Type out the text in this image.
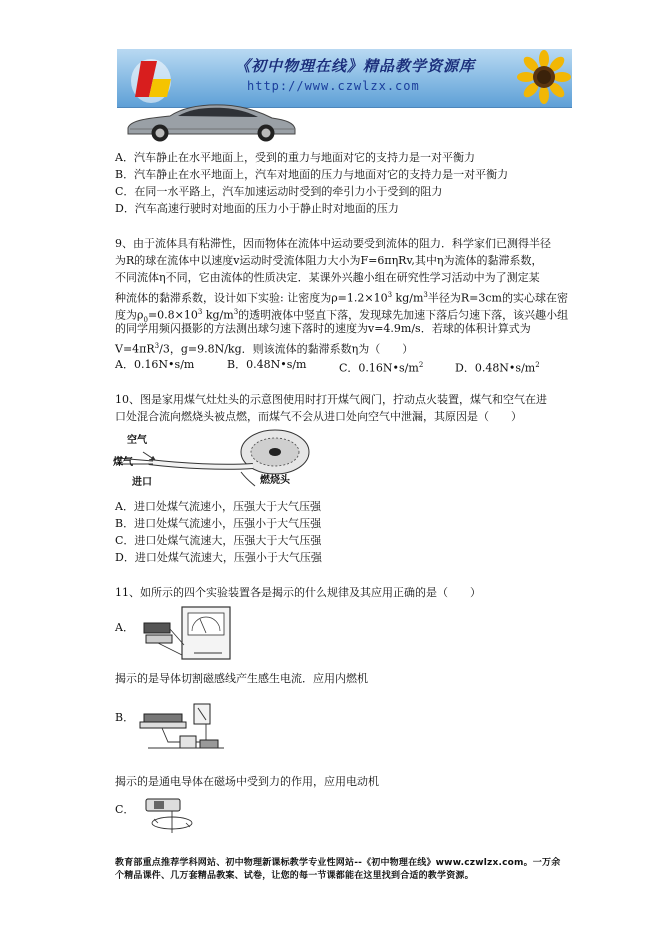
《初中物理在线》精品教学资源库
http://www.czwlzx.com
A．汽车静止在水平地面上，受到的重力与地面对它的支持力是一对平衡力
B．汽车静止在水平地面上，汽车对地面的压力与地面对它的支持力是一对平衡力
C．在同一水平路上，汽车加速运动时受到的牵引力小于受到的阻力
D．汽车高速行驶时对地面的压力小于静止时对地面的压力
9、由于流体具有粘滞性，因而物体在流体中运动要受到流体的阻力．科学家们已测得半径
为R的球在流体中以速度v运动时受流体阻力大小为F=6πηRv,其中η为流体的黏滞系数，
不同流体η不同，它由流体的性质决定．某课外兴趣小组在研究性学习活动中为了测定某
种流体的黏滞系数，设计如下实验: 让密度为$\rho=1.2\times 10^3$ $kg/m^3$半径为R=3cm的实心球在密
度为$\rho_0=0.8\times 10^3$ $kg/m^3$的透明液体中竖直下落，发现球先加速下落后匀速下落，该兴趣小组
的同学用频闪摄影的方法测出球匀速下落时的速度为v=4.9m/s．若球的体积计算式为
$V=4\pi R^3/3$，g=9.8N/kg．则该流体的黏滞系数η为（　　）
A．0.16N•s/m	B．0.48N•s/m	C．$0.16N•s/m^2$	D．$0.48N•s/m^2$
10、图是家用煤气灶灶头的示意图使用时打开煤气阀门，拧动点火装置，煤气和空气在进
口处混合流向燃烧头被点燃，而煤气不会从进口处向空气中泄漏，其原因是（　　）
空气
煤气
进口	燃烧头
A．进口处煤气流速小，压强大于大气压强
B．进口处煤气流速小，压强小于大气压强
C．进口处煤气流速大，压强大于大气压强
D．进口处煤气流速大，压强小于大气压强
11、如所示的四个实验装置各是揭示的什么规律及其应用正确的是（　　）
A．
揭示的是导体切割磁感线产生感生电流．应用内燃机
B．
揭示的是通电导体在磁场中受到力的作用，应用电动机
C．
教育部重点推荐学科网站、初中物理新课标教学专业性网站--《初中物理在线》www.czwlzx.com。一万余
个精品课件、几万套精品教案、试卷，让您的每一节课都能在这里找到合适的教学资源。
